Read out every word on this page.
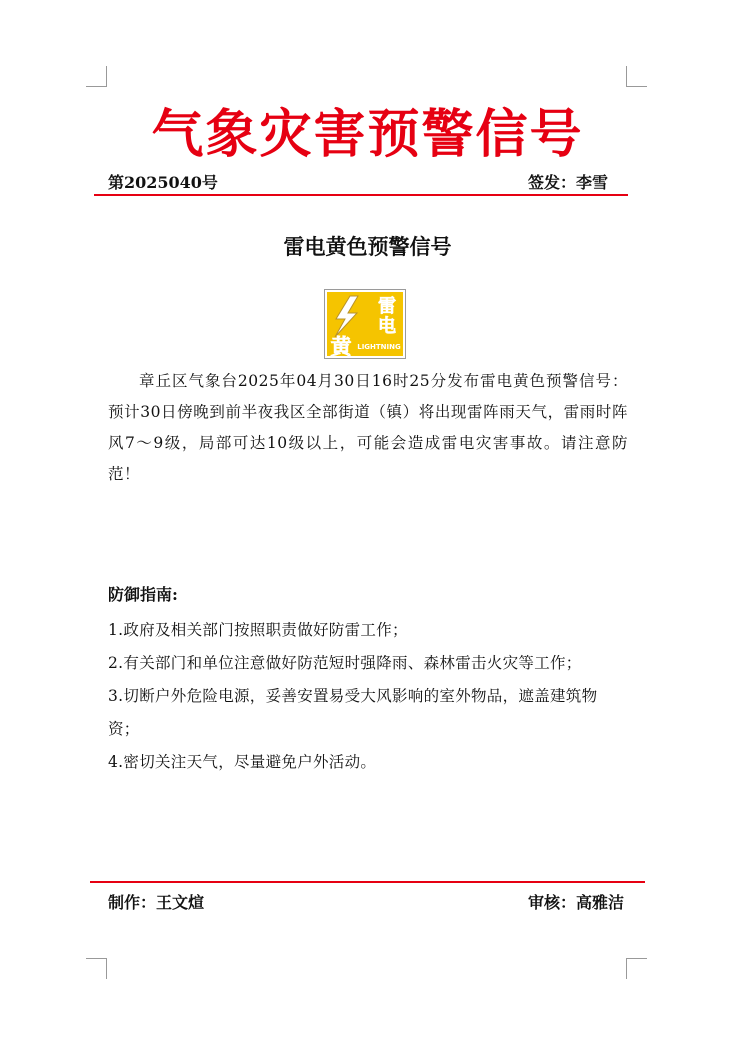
气象灾害预警信号
第2025040号	签发：李雪
雷电黄色预警信号
雷
电
黄 LIGHTNING
章丘区气象台2025年04月30日16时25分发布雷电黄色预警信号：预计30日傍晚到前半夜我区全部街道（镇）将出现雷阵雨天气，雷雨时阵风7～9级，局部可达10级以上，可能会造成雷电灾害事故。请注意防范！
防御指南:
1.政府及相关部门按照职责做好防雷工作；
2.有关部门和单位注意做好防范短时强降雨、森林雷击火灾等工作；
3.切断户外危险电源，妥善安置易受大风影响的室外物品，遮盖建筑物资；
4.密切关注天气，尽量避免户外活动。
制作：王文煊	审核：高雅洁
